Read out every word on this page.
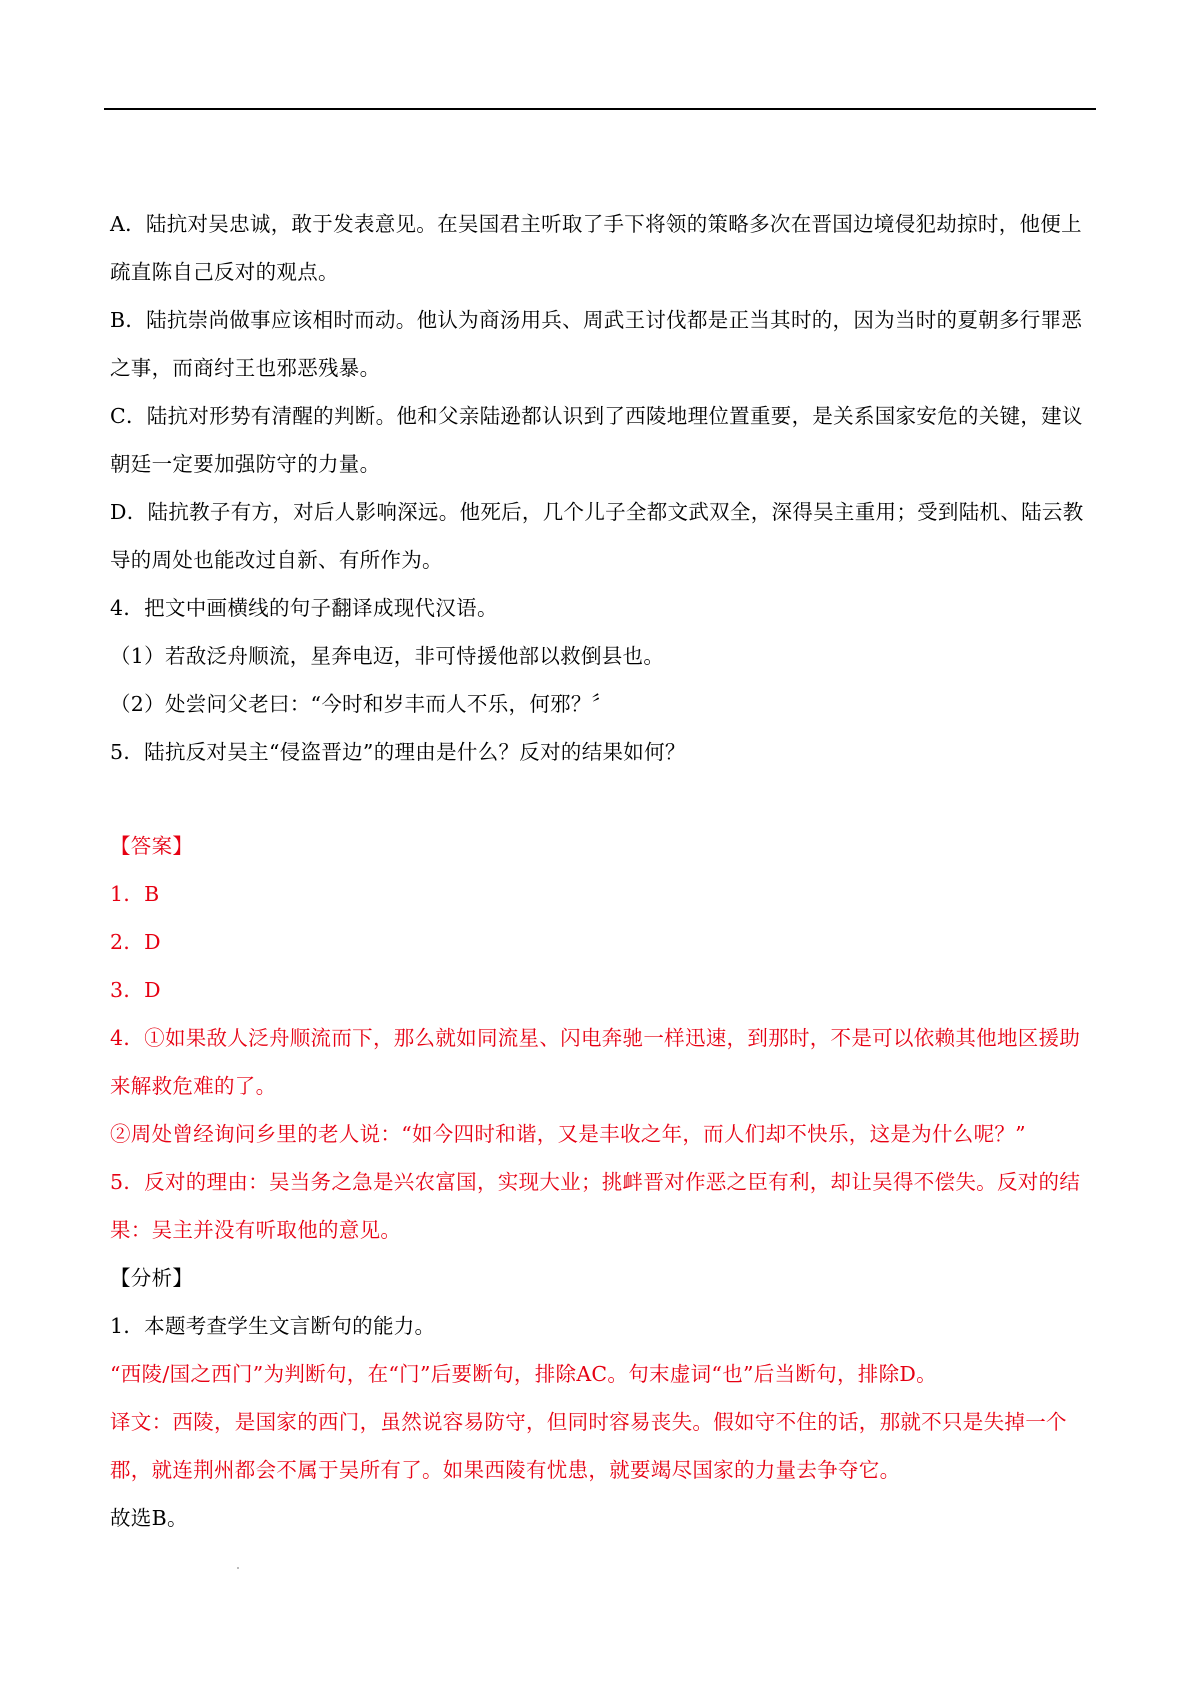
A．陆抗对吴忠诚，敢于发表意见。在吴国君主听取了手下将领的策略多次在晋国边境侵犯劫掠时，他便上疏直陈自己反对的观点。

B．陆抗崇尚做事应该相时而动。他认为商汤用兵、周武王讨伐都是正当其时的，因为当时的夏朝多行罪恶之事，而商纣王也邪恶残暴。

C．陆抗对形势有清醒的判断。他和父亲陆逊都认识到了西陵地理位置重要，是关系国家安危的关键，建议朝廷一定要加强防守的力量。

D．陆抗教子有方，对后人影响深远。他死后，几个儿子全都文武双全，深得吴主重用；受到陆机、陆云教导的周处也能改过自新、有所作为。

4．把文中画横线的句子翻译成现代汉语。

（1）若敌泛舟顺流，星奔电迈，非可恃援他部以救倒县也。

（2）处尝问父老曰：“今时和岁丰而人不乐，何邪？〞

5．陆抗反对吴主“侵盗晋边”的理由是什么？反对的结果如何？

【答案】

1．B

2．D

3．D

4．①如果敌人泛舟顺流而下，那么就如同流星、闪电奔驰一样迅速，到那时，不是可以依赖其他地区援助来解救危难的了。

②周处曾经询问乡里的老人说：“如今四时和谐，又是丰收之年，而人们却不快乐，这是为什么呢？”

5．反对的理由：吴当务之急是兴农富国，实现大业；挑衅晋对作恶之臣有利，却让吴得不偿失。反对的结果：吴主并没有听取他的意见。

【分析】

1．本题考查学生文言断句的能力。

“西陵/国之西门”为判断句，在“门”后要断句，排除AC。句末虚词“也”后当断句，排除D。

译文：西陵，是国家的西门，虽然说容易防守，但同时容易丧失。假如守不住的话，那就不只是失掉一个郡，就连荆州都会不属于吴所有了。如果西陵有忧患，就要竭尽国家的力量去争夺它。

故选B。
